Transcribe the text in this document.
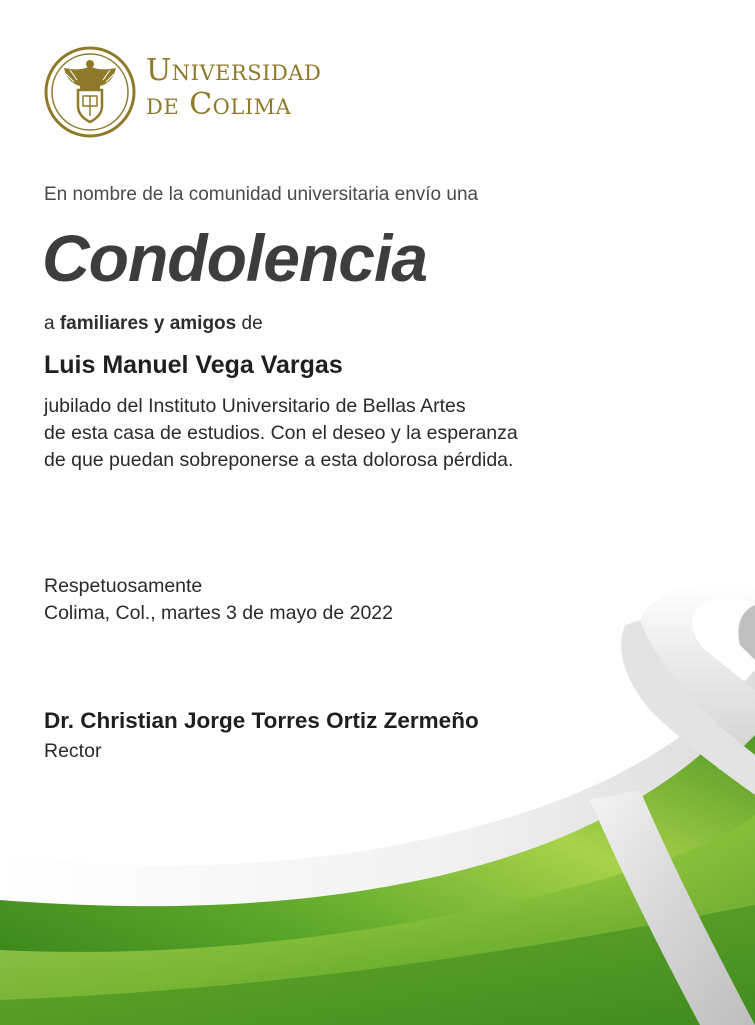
Universidad
de Colima
En nombre de la comunidad universitaria envío una
Condolencia
a familiares y amigos de
Luis Manuel Vega Vargas
jubilado del Instituto Universitario de Bellas Artes
de esta casa de estudios. Con el deseo y la esperanza
de que puedan sobreponerse a esta dolorosa pérdida.
Respetuosamente
Colima, Col., martes 3 de mayo de 2022
Dr. Christian Jorge Torres Ortiz Zermeño
Rector
